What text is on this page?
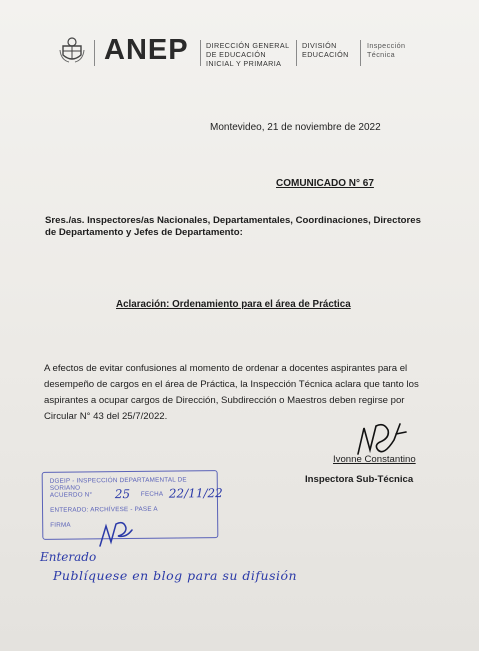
ANEP DIRECCIÓN GENERAL
DE EDUCACIÓN
INICIAL Y PRIMARIA
DIVISIÓN
EDUCACIÓN
Inspección
Técnica
Montevideo, 21 de noviembre de 2022
COMUNICADO N° 67
Sres./as. Inspectores/as Nacionales, Departamentales, Coordinaciones, Directores
de Departamento y Jefes de Departamento:
Aclaración: Ordenamiento para el área de Práctica
A efectos de evitar confusiones al momento de ordenar a docentes aspirantes para el
desempeño de cargos en el área de Práctica, la Inspección Técnica aclara que tanto los
aspirantes a ocupar cargos de Dirección, Subdirección o Maestros deben regirse por
Circular N° 43 del 25/7/2022.
Ivonne Constantino
Inspectora Sub-Técnica
DGEIP - INSPECCIÓN DEPARTAMENTAL DE SORIANO
ACUERDO N° 25 FECHA 22/11/22
ENTERADO: ARCHÍVESE - PASE A
FIRMA
Enterado
Publíquese en blog para su difusión
